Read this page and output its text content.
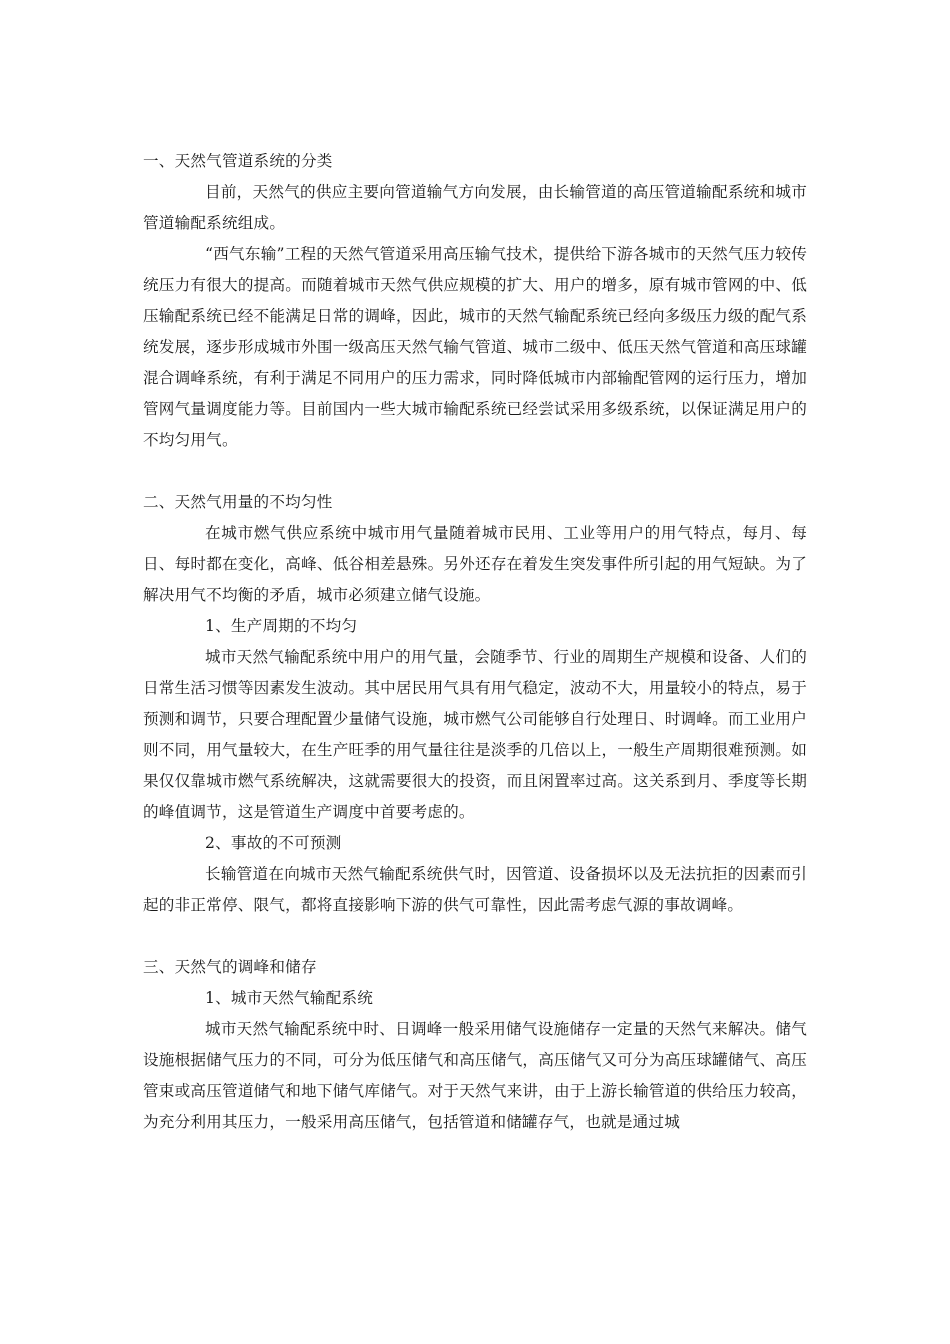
一、天然气管道系统的分类

目前，天然气的供应主要向管道输气方向发展，由长输管道的高压管道输配系统和城市管道输配系统组成。

“西气东输”工程的天然气管道采用高压输气技术，提供给下游各城市的天然气压力较传统压力有很大的提高。而随着城市天然气供应规模的扩大、用户的增多，原有城市管网的中、低压输配系统已经不能满足日常的调峰，因此，城市的天然气输配系统已经向多级压力级的配气系统发展，逐步形成城市外围一级高压天然气输气管道、城市二级中、低压天然气管道和高压球罐混合调峰系统，有利于满足不同用户的压力需求，同时降低城市内部输配管网的运行压力，增加管网气量调度能力等。目前国内一些大城市输配系统已经尝试采用多级系统，以保证满足用户的不均匀用气。

二、天然气用量的不均匀性

在城市燃气供应系统中城市用气量随着城市民用、工业等用户的用气特点，每月、每日、每时都在变化，高峰、低谷相差悬殊。另外还存在着发生突发事件所引起的用气短缺。为了解决用气不均衡的矛盾，城市必须建立储气设施。

1、生产周期的不均匀

城市天然气输配系统中用户的用气量，会随季节、行业的周期生产规模和设备、人们的日常生活习惯等因素发生波动。其中居民用气具有用气稳定，波动不大，用量较小的特点，易于预测和调节，只要合理配置少量储气设施，城市燃气公司能够自行处理日、时调峰。而工业用户则不同，用气量较大，在生产旺季的用气量往往是淡季的几倍以上，一般生产周期很难预测。如果仅仅靠城市燃气系统解决，这就需要很大的投资，而且闲置率过高。这关系到月、季度等长期的峰值调节，这是管道生产调度中首要考虑的。

2、事故的不可预测

长输管道在向城市天然气输配系统供气时，因管道、设备损坏以及无法抗拒的因素而引起的非正常停、限气，都将直接影响下游的供气可靠性，因此需考虑气源的事故调峰。

三、天然气的调峰和储存

1、城市天然气输配系统

城市天然气输配系统中时、日调峰一般采用储气设施储存一定量的天然气来解决。储气设施根据储气压力的不同，可分为低压储气和高压储气，高压储气又可分为高压球罐储气、高压管束或高压管道储气和地下储气库储气。对于天然气来讲，由于上游长输管道的供给压力较高，为充分利用其压力，一般采用高压储气，包括管道和储罐存气，也就是通过城
